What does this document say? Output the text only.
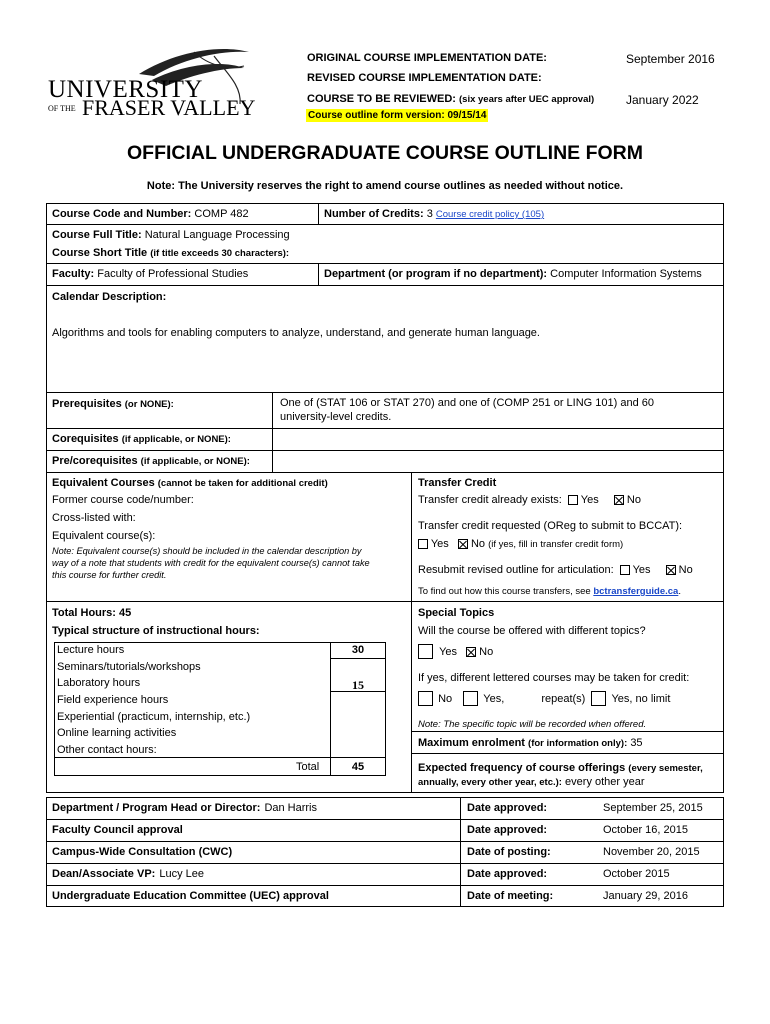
UNIVERSITY
OF THE FRASER VALLEY
ORIGINAL COURSE IMPLEMENTATION DATE:	September 2016
REVISED COURSE IMPLEMENTATION DATE:
COURSE TO BE REVIEWED: (six years after UEC approval)	January 2022
Course outline form version: 09/15/14
OFFICIAL UNDERGRADUATE COURSE OUTLINE FORM
Note: The University reserves the right to amend course outlines as needed without notice.
Course Code and Number: COMP 482	Number of Credits: 3 Course credit policy (105)
Course Full Title: Natural Language Processing
Course Short Title (if title exceeds 30 characters):
Faculty: Faculty of Professional Studies	Department (or program if no department): Computer Information Systems
Calendar Description:
Algorithms and tools for enabling computers to analyze, understand, and generate human language.
Prerequisites (or NONE):	One of (STAT 106 or STAT 270) and one of (COMP 251 or LING 101) and 60
university-level credits.
Corequisites (if applicable, or NONE):
Pre/corequisites (if applicable, or NONE):
Equivalent Courses (cannot be taken for additional credit)
Former course code/number:
Cross-listed with:
Equivalent course(s):
Note: Equivalent course(s) should be included in the calendar description by
way of a note that students with credit for the equivalent course(s) cannot take
this course for further credit.
Transfer Credit
Transfer credit already exists: Yes	No
Transfer credit requested (OReg to submit to BCCAT):
Yes No (if yes, fill in transfer credit form)
Resubmit revised outline for articulation: Yes	No
To find out how this course transfers, see bctransferguide.ca.
Total Hours: 45
Typical structure of instructional hours:
Lecture hours	30
Seminars/tutorials/workshops
Laboratory hours	15
Field experience hours
Experiential (practicum, internship, etc.)
Online learning activities
Other contact hours:
Total	45
Special Topics
Will the course be offered with different topics?
Yes No
If yes, different lettered courses may be taken for credit:
No	Yes,	repeat(s) Yes, no limit
Note: The specific topic will be recorded when offered.
Maximum enrolment (for information only): 35
Expected frequency of course offerings (every semester,
annually, every other year, etc.): every other year
Department / Program Head or Director: Dan Harris	Date approved:	September 25, 2015
Faculty Council approval	Date approved:	October 16, 2015
Campus-Wide Consultation (CWC)	Date of posting:	November 20, 2015
Dean/Associate VP: Lucy Lee	Date approved:	October 2015
Undergraduate Education Committee (UEC) approval	Date of meeting:	January 29, 2016
